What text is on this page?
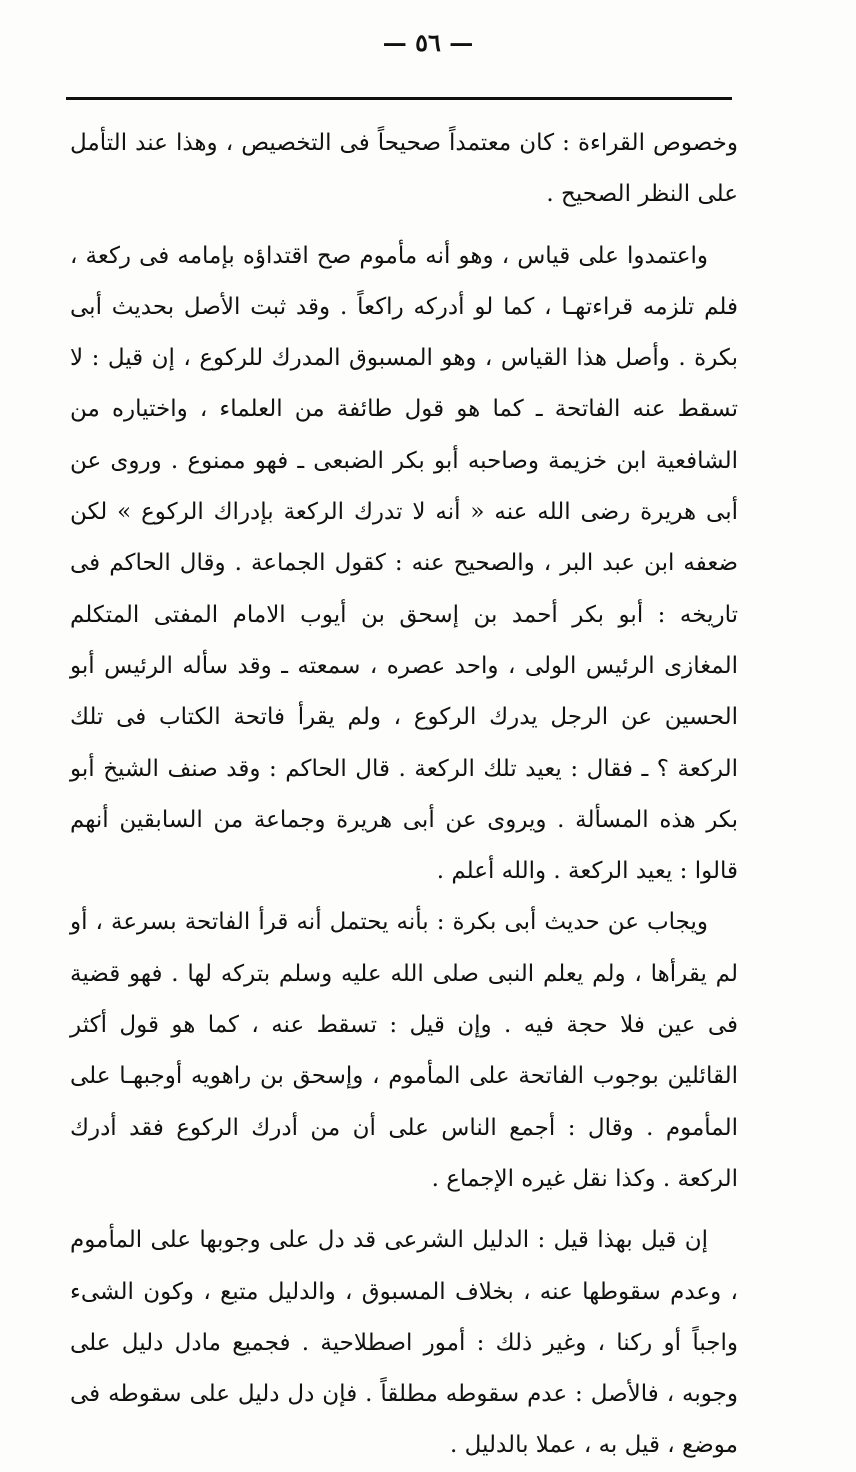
— ٥٦ —

وخصوص القراءة : كان معتمداً صحيحاً فى التخصيص ، وهذا عند التأمل على النظر الصحيح .

واعتمدوا على قياس ، وهو أنه مأموم صح اقتداؤه بإمامه فى ركعة ، فلم تلزمه قراءتهـا ، كما لو أدركه راكعاً . وقد ثبت الأصل بحديث أبى بكرة . وأصل هذا القياس ، وهو المسبوق المدرك للركوع ، إن قيل : لا تسقط عنه الفاتحة ـ كما هو قول طائفة من العلماء ، واختياره من الشافعية ابن خزيمة وصاحبه أبو بكر الضبعى ـ فهو ممنوع . وروى عن أبى هريرة رضى الله عنه « أنه لا تدرك الركعة بإدراك الركوع » لكن ضعفه ابن عبد البر ، والصحيح عنه : كقول الجماعة . وقال الحاكم فى تاريخه : أبو بكر أحمد بن إسحق بن أيوب الامام المفتى المتكلم المغازى الرئيس الولى ، واحد عصره ، سمعته ـ وقد سأله الرئيس أبو الحسين عن الرجل يدرك الركوع ، ولم يقرأ فاتحة الكتاب فى تلك الركعة ؟ ـ فقال : يعيد تلك الركعة . قال الحاكم : وقد صنف الشيخ أبو بكر هذه المسألة . ويروى عن أبى هريرة وجماعة من السابقين أنهم قالوا : يعيد الركعة . والله أعلم .

ويجاب عن حديث أبى بكرة : بأنه يحتمل أنه قرأ الفاتحة بسرعة ، أو لم يقرأها ، ولم يعلم النبى صلى الله عليه وسلم بتركه لها . فهو قضية فى عين فلا حجة فيه . وإن قيل : تسقط عنه ، كما هو قول أكثر القائلين بوجوب الفاتحة على المأموم ، وإسحق بن راهويه أوجبهـا على المأموم . وقال : أجمع الناس على أن من أدرك الركوع فقد أدرك الركعة . وكذا نقل غيره الإجماع .

إن قيل بهذا قيل : الدليل الشرعى قد دل على وجوبها على المأموم ، وعدم سقوطها عنه ، بخلاف المسبوق ، والدليل متبع ، وكون الشىء واجباً أو ركنا ، وغير ذلك : أمور اصطلاحية . فجميع مادل دليل على وجوبه ، فالأصل : عدم سقوطه مطلقاً . فإن دل دليل على سقوطه فى موضع ، قيل به ، عملا بالدليل .
